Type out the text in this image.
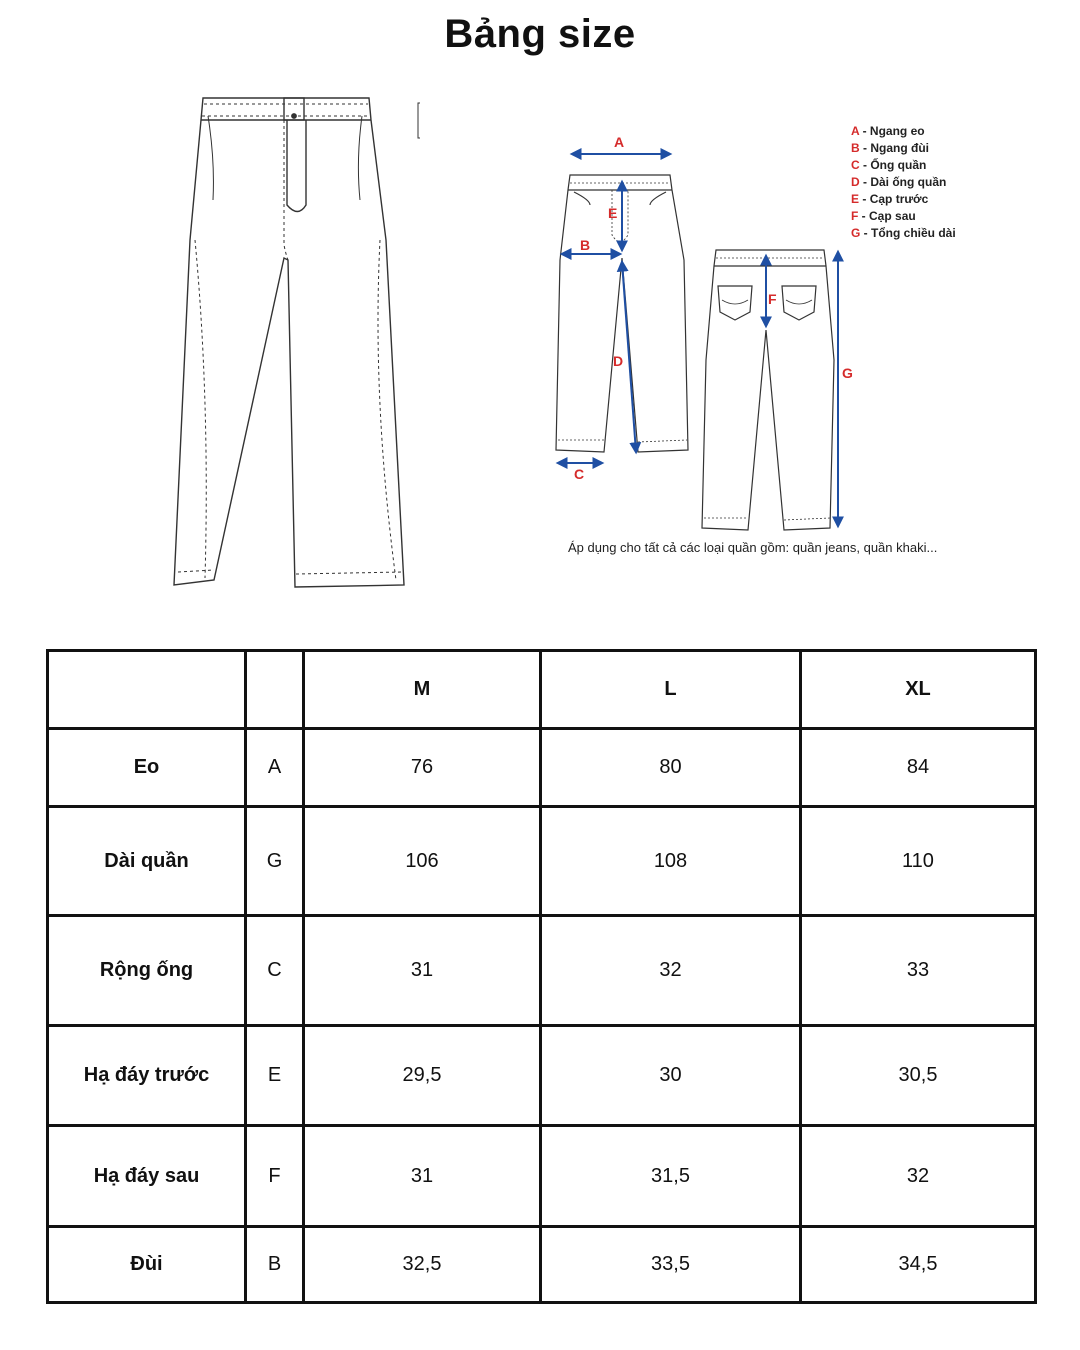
Bảng size
A
B
C
D
E
F
G
A - Ngang eo
B - Ngang đùi
C - Ống quần
D - Dài ống quần
E - Cạp trước
F - Cạp sau
G - Tổng chiều dài
Áp dụng cho tất cả các loại quần gồm: quần jeans, quần khaki...
		M	L	XL
Eo	A	76	80	84
Dài quần	G	106	108	110
Rộng ống	C	31	32	33
Hạ đáy trước	E	29,5	30	30,5
Hạ đáy sau	F	31	31,5	32
Đùi	B	32,5	33,5	34,5
